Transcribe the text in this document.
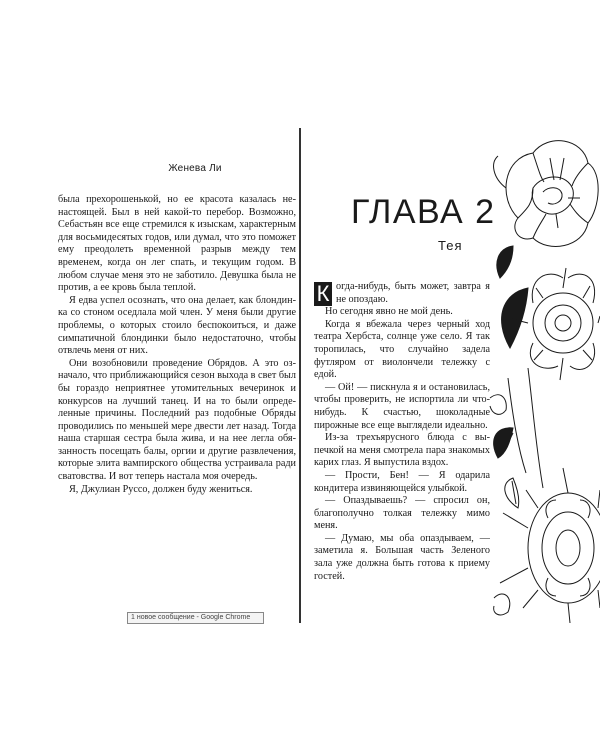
Женева Ли

была прехорошенькой, но ее красота казалась ненастоящей. Был в ней какой-то перебор. Возможно, Себастьян все еще стремился к изыскам, характерным для восьмидесятых годов, или думал, что это поможет ему преодолеть временной разрыв между тем временем, когда он лег спать, и текущим годом. В любом случае меня это не заботило. Девушка была не против, а ее кровь была теплой.

Я едва успел осознать, что она делает, как блондинка со стоном оседлала мой член. У меня были другие проблемы, о которых стоило беспокоиться, и даже симпатичной блондинки было недостаточно, чтобы отвлечь меня от них.

Они возобновили проведение Обрядов. А это означало, что приближающийся сезон выхода в свет был бы гораздо неприятнее утомительных вечеринок и конкурсов на лучший танец. И на то были определенные причины. Последний раз подобные Обряды проводились по меньшей мере двести лет назад. Тогда наша старшая сестра была жива, и на нее легла обязанность посещать балы, оргии и другие развлечения, которые элита вампирского общества устраивала ради сватовства. И вот теперь настала моя очередь.

Я, Джулиан Руссо, должен буду жениться.

ГЛАВА 2
Тея

К огда-нибудь, быть может, завтра я не опоздаю.

Но сегодня явно не мой день.

Когда я вбежала через черный ход театра Хербста, солнце уже село. Я так торопилась, что случайно задела футляром от виолончели тележку с едой.

— Ой! — пискнула я и остановилась, чтобы проверить, не испортила ли что-нибудь. К счастью, шоколадные пирожные все еще выглядели идеально.

Из-за трехъярусного блюда с выпечкой на меня смотрела пара знакомых карих глаз. Я выпустила вздох.

— Прости, Бен! — Я одарила кондитера извиняющейся улыбкой.

— Опаздываешь? — спросил он, благополучно толкая тележку мимо меня.

— Думаю, мы оба опаздываем, — заметила я. Большая часть Зеленого зала уже должна быть готова к приему гостей.

1 новое сообщение - Google Chrome
